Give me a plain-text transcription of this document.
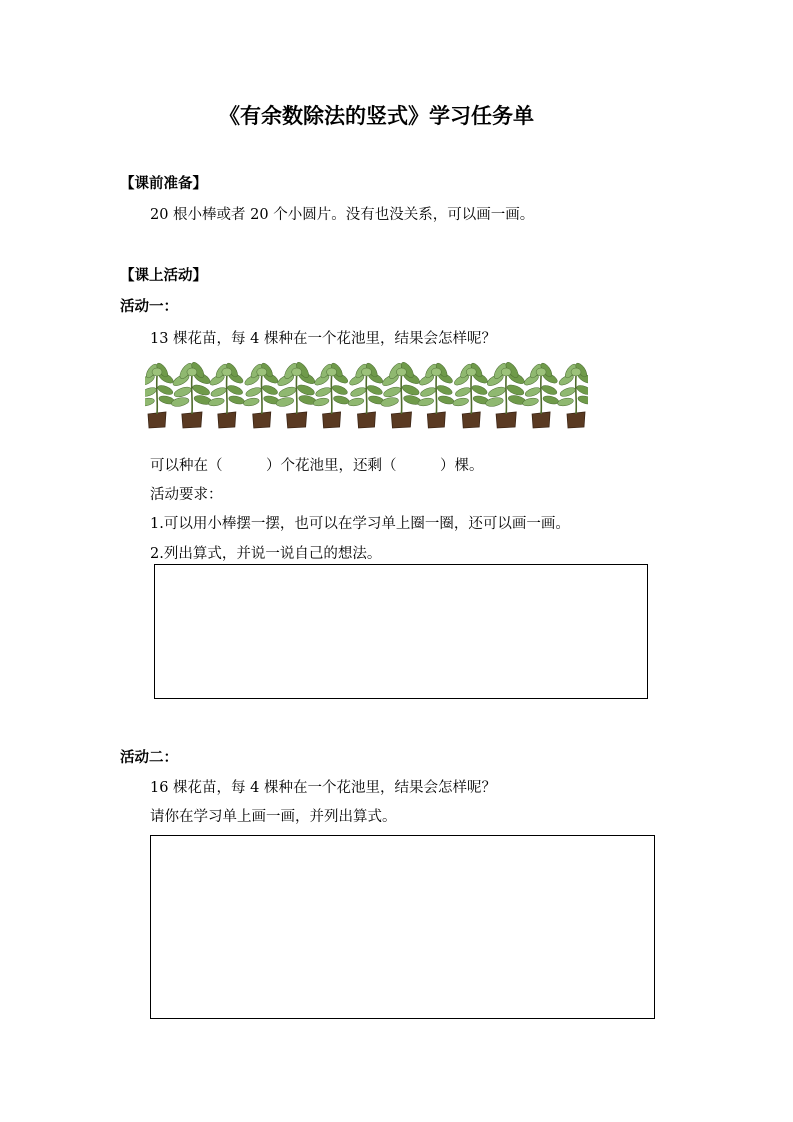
《有余数除法的竖式》学习任务单
【课前准备】
20 根小棒或者 20 个小圆片。没有也没关系，可以画一画。
【课上活动】
活动一：
13 棵花苗，每 4 棵种在一个花池里，结果会怎样呢？
可以种在（　　　）个花池里，还剩（　　　）棵。
活动要求：
1.可以用小棒摆一摆，也可以在学习单上圈一圈，还可以画一画。
2.列出算式，并说一说自己的想法。
活动二：
16 棵花苗，每 4 棵种在一个花池里，结果会怎样呢？
请你在学习单上画一画，并列出算式。
